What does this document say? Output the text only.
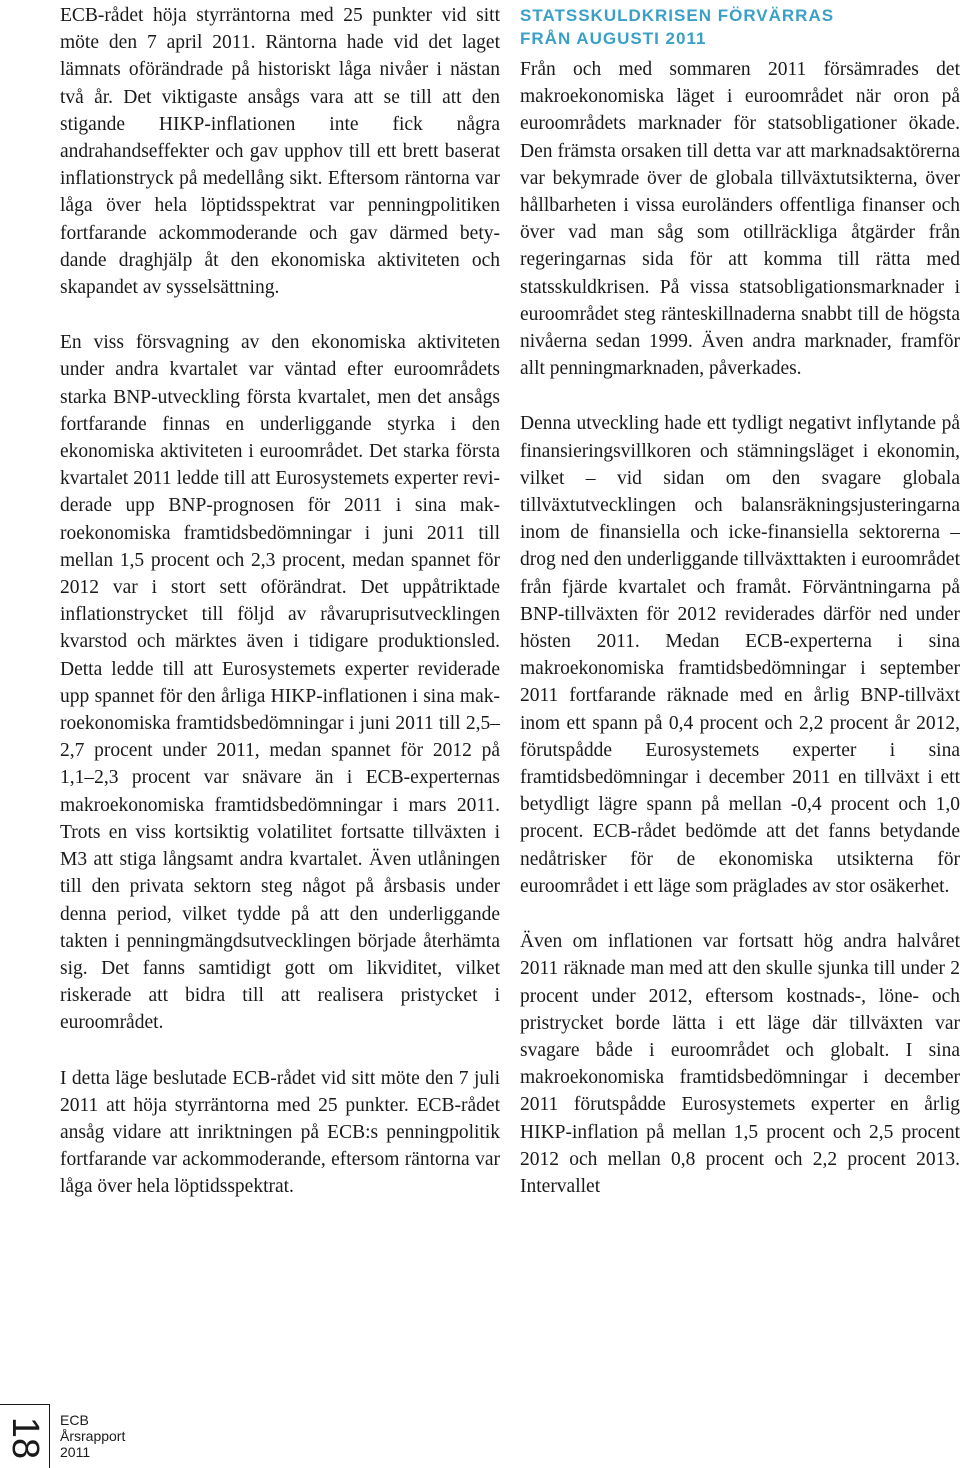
ECB-rådet höja styrräntorna med 25 punkter vid sitt möte den 7 april 2011. Räntorna hade vid det laget lämnats oförändrade på historiskt låga nivåer i nästan två år. Det viktigaste ansågs vara att se till att den stigande HIKP-inflationen inte fick några andrahandseffekter och gav upphov till ett brett baserat inflationstryck på medellång sikt. Eftersom räntorna var låga över hela löptidsspektrat var penningpolitiken fortfarande ackommoderande och gav därmed betydande draghjälp åt den ekonomiska aktiviteten och skapandet av sysselsättning.

En viss försvagning av den ekonomiska aktiviteten under andra kvartalet var väntad efter euroområdets starka BNP-utveckling första kvartalet, men det ansågs fortfarande finnas en underliggande styrka i den ekonomiska aktiviteten i euroområdet. Det starka första kvartalet 2011 ledde till att Eurosystemets experter reviderade upp BNP-prognosen för 2011 i sina makroekonomiska framtidsbedömningar i juni 2011 till mellan 1,5 procent och 2,3 procent, medan spannet för 2012 var i stort sett oförändrat. Det uppåtriktade inflationstrycket till följd av råvaruprisutvecklingen kvarstod och märktes även i tidigare produktionsled. Detta ledde till att Eurosystemets experter reviderade upp spannet för den årliga HIKP-inflationen i sina makroekonomiska framtidsbedömningar i juni 2011 till 2,5–2,7 procent under 2011, medan spannet för 2012 på 1,1–2,3 procent var snävare än i ECB-experternas makroekonomiska framtidsbedömningar i mars 2011. Trots en viss kortsiktig volatilitet fortsatte tillväxten i M3 att stiga långsamt andra kvartalet. Även utlåningen till den privata sektorn steg något på årsbasis under denna period, vilket tydde på att den underliggande takten i penningmängdsutvecklingen började återhämta sig. Det fanns samtidigt gott om likviditet, vilket riskerade att bidra till att realisera pristycket i euroområdet.

I detta läge beslutade ECB-rådet vid sitt möte den 7 juli 2011 att höja styrräntorna med 25 punkter. ECB-rådet ansåg vidare att inriktningen på ECB:s penningpolitik fortfarande var ackommoderande, eftersom räntorna var låga över hela löptidsspektrat.

STATSSKULDKRISEN FÖRVÄRRAS
FRÅN AUGUSTI 2011

Från och med sommaren 2011 försämrades det makroekonomiska läget i euroområdet när oron på euroområdets marknader för statsobligationer ökade. Den främsta orsaken till detta var att marknadsaktörerna var bekymrade över de globala tillväxtutsikterna, över hållbarheten i vissa euroländers offentliga finanser och över vad man såg som otillräckliga åtgärder från regeringarnas sida för att komma till rätta med statsskuldkrisen. På vissa statsobligationsmarknader i euroområdet steg ränteskillnaderna snabbt till de högsta nivåerna sedan 1999. Även andra marknader, framför allt penningmarknaden, påverkades.

Denna utveckling hade ett tydligt negativt inflytande på finansieringsvillkoren och stämningsläget i ekonomin, vilket – vid sidan om den svagare globala tillväxtutvecklingen och balansräkningsjusteringarna inom de finansiella och icke-finansiella sektorerna – drog ned den underliggande tillväxttakten i euroområdet från fjärde kvartalet och framåt. Förväntningarna på BNP-tillväxten för 2012 reviderades därför ned under hösten 2011. Medan ECB-experterna i sina makroekonomiska framtidsbedömningar i september 2011 fortfarande räknade med en årlig BNP-tillväxt inom ett spann på 0,4 procent och 2,2 procent år 2012, förutspådde Eurosystemets experter i sina framtidsbedömningar i december 2011 en tillväxt i ett betydligt lägre spann på mellan -0,4 procent och 1,0 procent. ECB-rådet bedömde att det fanns betydande nedåtrisker för de ekonomiska utsikterna för euroområdet i ett läge som präglades av stor osäkerhet.

Även om inflationen var fortsatt hög andra halvåret 2011 räknade man med att den skulle sjunka till under 2 procent under 2012, eftersom kostnads-, löne- och pristrycket borde lätta i ett läge där tillväxten var svagare både i euroområdet och globalt. I sina makroekonomiska framtidsbedömningar i december 2011 förutspådde Eurosystemets experter en årlig HIKP-inflation på mellan 1,5 procent och 2,5 procent 2012 och mellan 0,8 procent och 2,2 procent 2013. Intervallet

18 ECB
Årsrapport
2011
